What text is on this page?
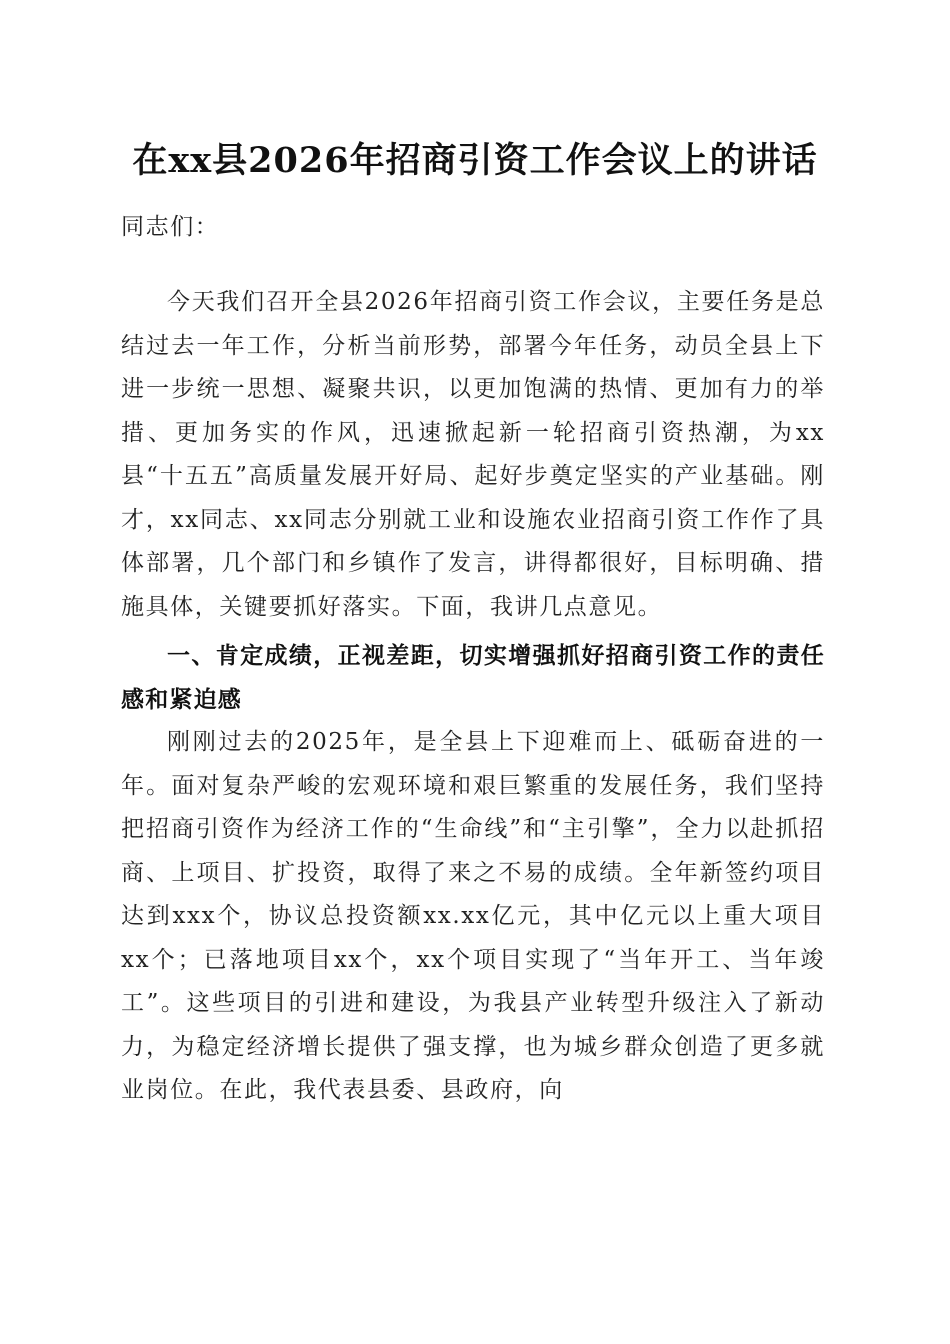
在xx县2026年招商引资工作会议上的讲话
同志们：
今天我们召开全县2026年招商引资工作会议，主要任务是总结过去一年工作，分析当前形势，部署今年任务，动员全县上下进一步统一思想、凝聚共识，以更加饱满的热情、更加有力的举措、更加务实的作风，迅速掀起新一轮招商引资热潮，为xx县“十五五”高质量发展开好局、起好步奠定坚实的产业基础。刚才，xx同志、xx同志分别就工业和设施农业招商引资工作作了具体部署，几个部门和乡镇作了发言，讲得都很好，目标明确、措施具体，关键要抓好落实。下面，我讲几点意见。
一、肯定成绩，正视差距，切实增强抓好招商引资工作的责任感和紧迫感
刚刚过去的2025年，是全县上下迎难而上、砥砺奋进的一年。面对复杂严峻的宏观环境和艰巨繁重的发展任务，我们坚持把招商引资作为经济工作的“生命线”和“主引擎”，全力以赴抓招商、上项目、扩投资，取得了来之不易的成绩。全年新签约项目达到xxx个，协议总投资额xx.xx亿元，其中亿元以上重大项目xx个；已落地项目xx个，xx个项目实现了“当年开工、当年竣工”。这些项目的引进和建设，为我县产业转型升级注入了新动力，为稳定经济增长提供了强支撑，也为城乡群众创造了更多就业岗位。在此，我代表县委、县政府，向
